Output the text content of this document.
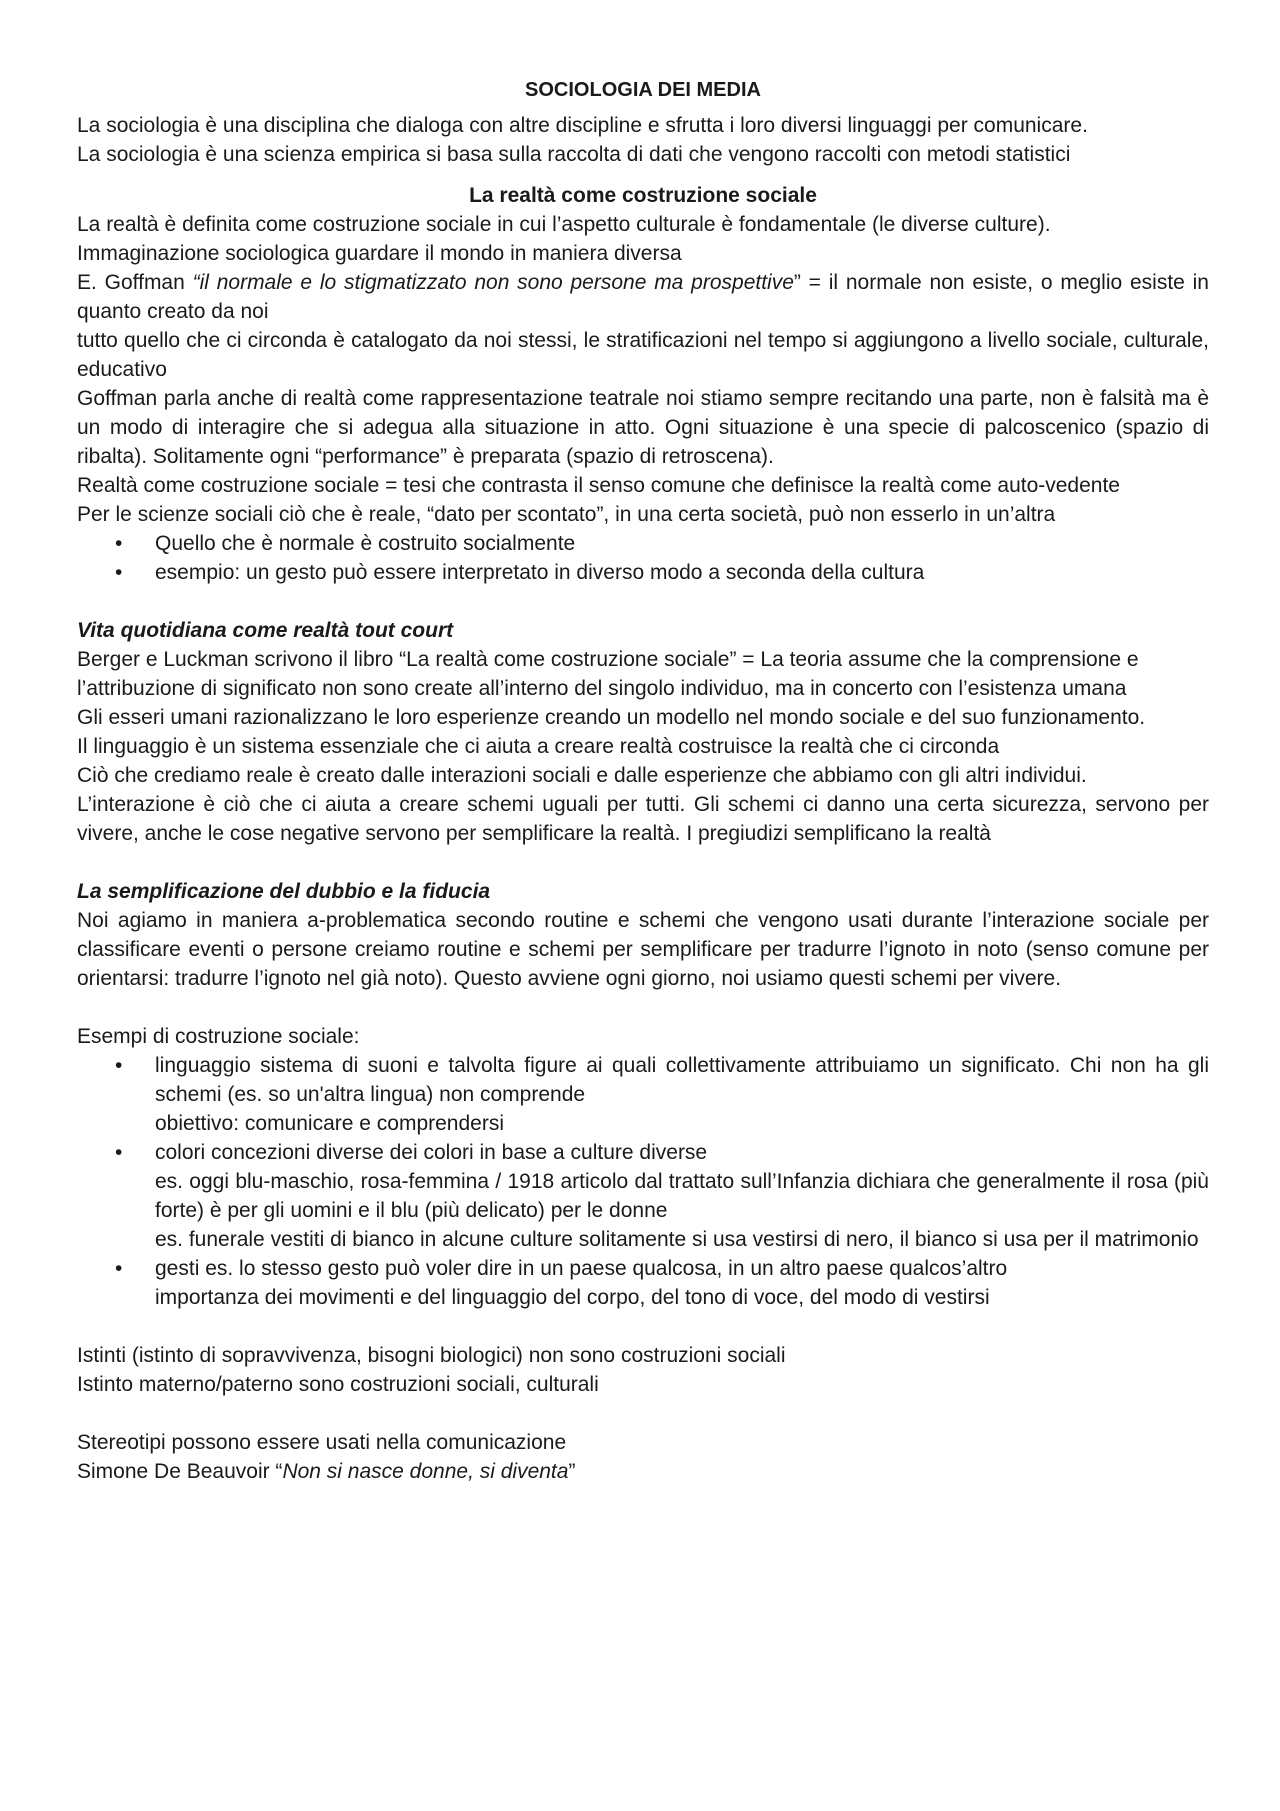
SOCIOLOGIA DEI MEDIA

La sociologia è una disciplina che dialoga con altre discipline e sfrutta i loro diversi linguaggi per comunicare.

La sociologia è una scienza empirica si basa sulla raccolta di dati che vengono raccolti con metodi statistici

La realtà come costruzione sociale

La realtà è definita come costruzione sociale in cui l’aspetto culturale è fondamentale (le diverse culture).

Immaginazione sociologica guardare il mondo in maniera diversa

E. Goffman “il normale e lo stigmatizzato non sono persone ma prospettive” = il normale non esiste, o meglio esiste in quanto creato da noi

tutto quello che ci circonda è catalogato da noi stessi, le stratificazioni nel tempo si aggiungono a livello sociale, culturale, educativo

Goffman parla anche di realtà come rappresentazione teatrale noi stiamo sempre recitando una parte, non è falsità ma è un modo di interagire che si adegua alla situazione in atto. Ogni situazione è una specie di palcoscenico (spazio di ribalta). Solitamente ogni “performance” è preparata (spazio di retroscena).

Realtà come costruzione sociale = tesi che contrasta il senso comune che definisce la realtà come auto-vedente

Per le scienze sociali ciò che è reale, “dato per scontato”, in una certa società, può non esserlo in un’altra

• Quello che è normale è costruito socialmente
• esempio: un gesto può essere interpretato in diverso modo a seconda della cultura

Vita quotidiana come realtà tout court

Berger e Luckman scrivono il libro “La realtà come costruzione sociale” = La teoria assume che la comprensione e l’attribuzione di significato non sono create all’interno del singolo individuo, ma in concerto con l’esistenza umana

Gli esseri umani razionalizzano le loro esperienze creando un modello nel mondo sociale e del suo funzionamento.

Il linguaggio è un sistema essenziale che ci aiuta a creare realtà costruisce la realtà che ci circonda

Ciò che crediamo reale è creato dalle interazioni sociali e dalle esperienze che abbiamo con gli altri individui.

L’interazione è ciò che ci aiuta a creare schemi uguali per tutti. Gli schemi ci danno una certa sicurezza, servono per vivere, anche le cose negative servono per semplificare la realtà. I pregiudizi semplificano la realtà

La semplificazione del dubbio e la fiducia

Noi agiamo in maniera a-problematica secondo routine e schemi che vengono usati durante l’interazione sociale per classificare eventi o persone creiamo routine e schemi per semplificare per tradurre l’ignoto in noto (senso comune per orientarsi: tradurre l’ignoto nel già noto). Questo avviene ogni giorno, noi usiamo questi schemi per vivere.

Esempi di costruzione sociale:

• linguaggio sistema di suoni e talvolta figure ai quali collettivamente attribuiamo un significato. Chi non ha gli schemi (es. so un'altra lingua) non comprende
obiettivo: comunicare e comprendersi
• colori concezioni diverse dei colori in base a culture diverse
es. oggi blu-maschio, rosa-femmina / 1918 articolo dal trattato sull’Infanzia dichiara che generalmente il rosa (più forte) è per gli uomini e il blu (più delicato) per le donne
es. funerale vestiti di bianco in alcune culture solitamente si usa vestirsi di nero, il bianco si usa per il matrimonio
• gesti es. lo stesso gesto può voler dire in un paese qualcosa, in un altro paese qualcos’altro
importanza dei movimenti e del linguaggio del corpo, del tono di voce, del modo di vestirsi

Istinti (istinto di sopravvivenza, bisogni biologici) non sono costruzioni sociali

Istinto materno/paterno sono costruzioni sociali, culturali

Stereotipi possono essere usati nella comunicazione

Simone De Beauvoir “Non si nasce donne, si diventa”
